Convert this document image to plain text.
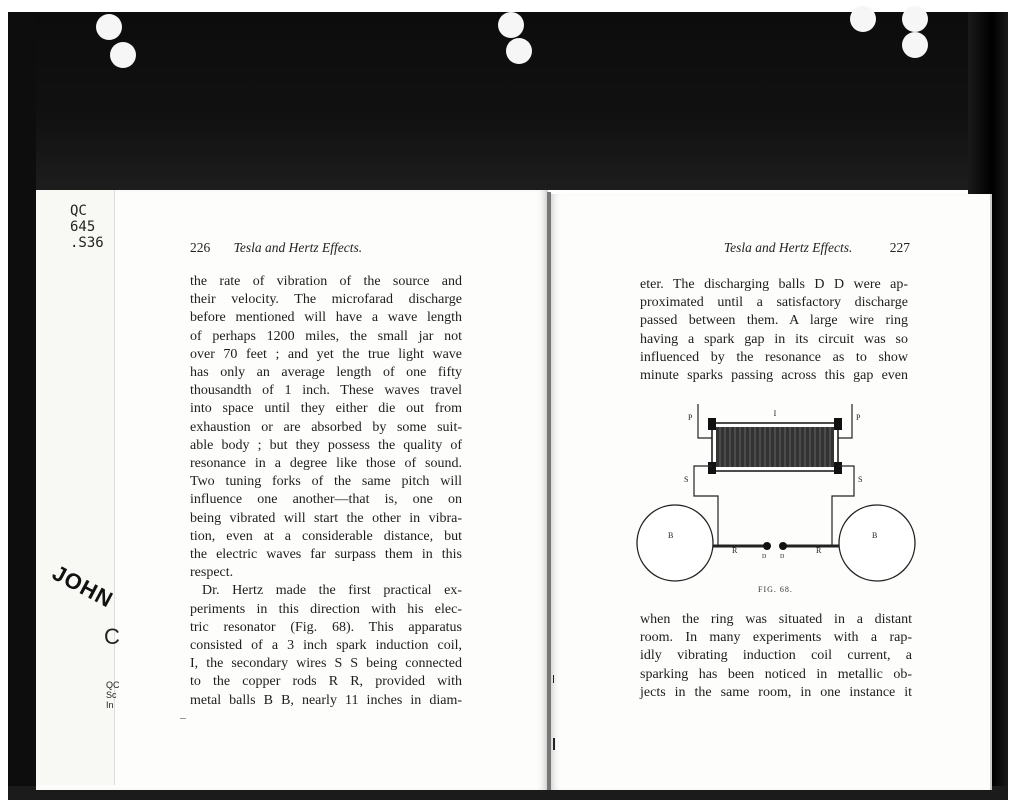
QC
645
.S36
JOHN
C
QC
Sc
In
226 Tesla and Hertz Effects.
the rate of vibration of the source and
their velocity. The microfarad discharge
before mentioned will have a wave length
of perhaps 1200 miles, the small jar not
over 70 feet ; and yet the true light wave
has only an average length of one fifty
thousandth of 1 inch. These waves travel
into space until they either die out from
exhaustion or are absorbed by some suit-
able body ; but they possess the quality of
resonance in a degree like those of sound.
Two tuning forks of the same pitch will
influence one another—that is, one on
being vibrated will start the other in vibra-
tion, even at a considerable distance, but
the electric waves far surpass them in this
respect.
Dr. Hertz made the first practical ex-
periments in this direction with his elec-
tric resonator (Fig. 68). This apparatus
consisted of a 3 inch spark induction coil,
I, the secondary wires S S being connected
to the copper rods R R, provided with
metal balls B B, nearly 11 inches in diam-
Tesla and Hertz Effects.	227
eter. The discharging balls D D were ap-
proximated until a satisfactory discharge
passed between them. A large wire ring
having a spark gap in its circuit was so
influenced by the resonance as to show
minute sparks passing across this gap even
I
P	P
S	S
B	B
R	R
D D
FIG. 68.
when the ring was situated in a distant
room. In many experiments with a rap-
idly vibrating induction coil current, a
sparking has been noticed in metallic ob-
jects in the same room, in one instance it
